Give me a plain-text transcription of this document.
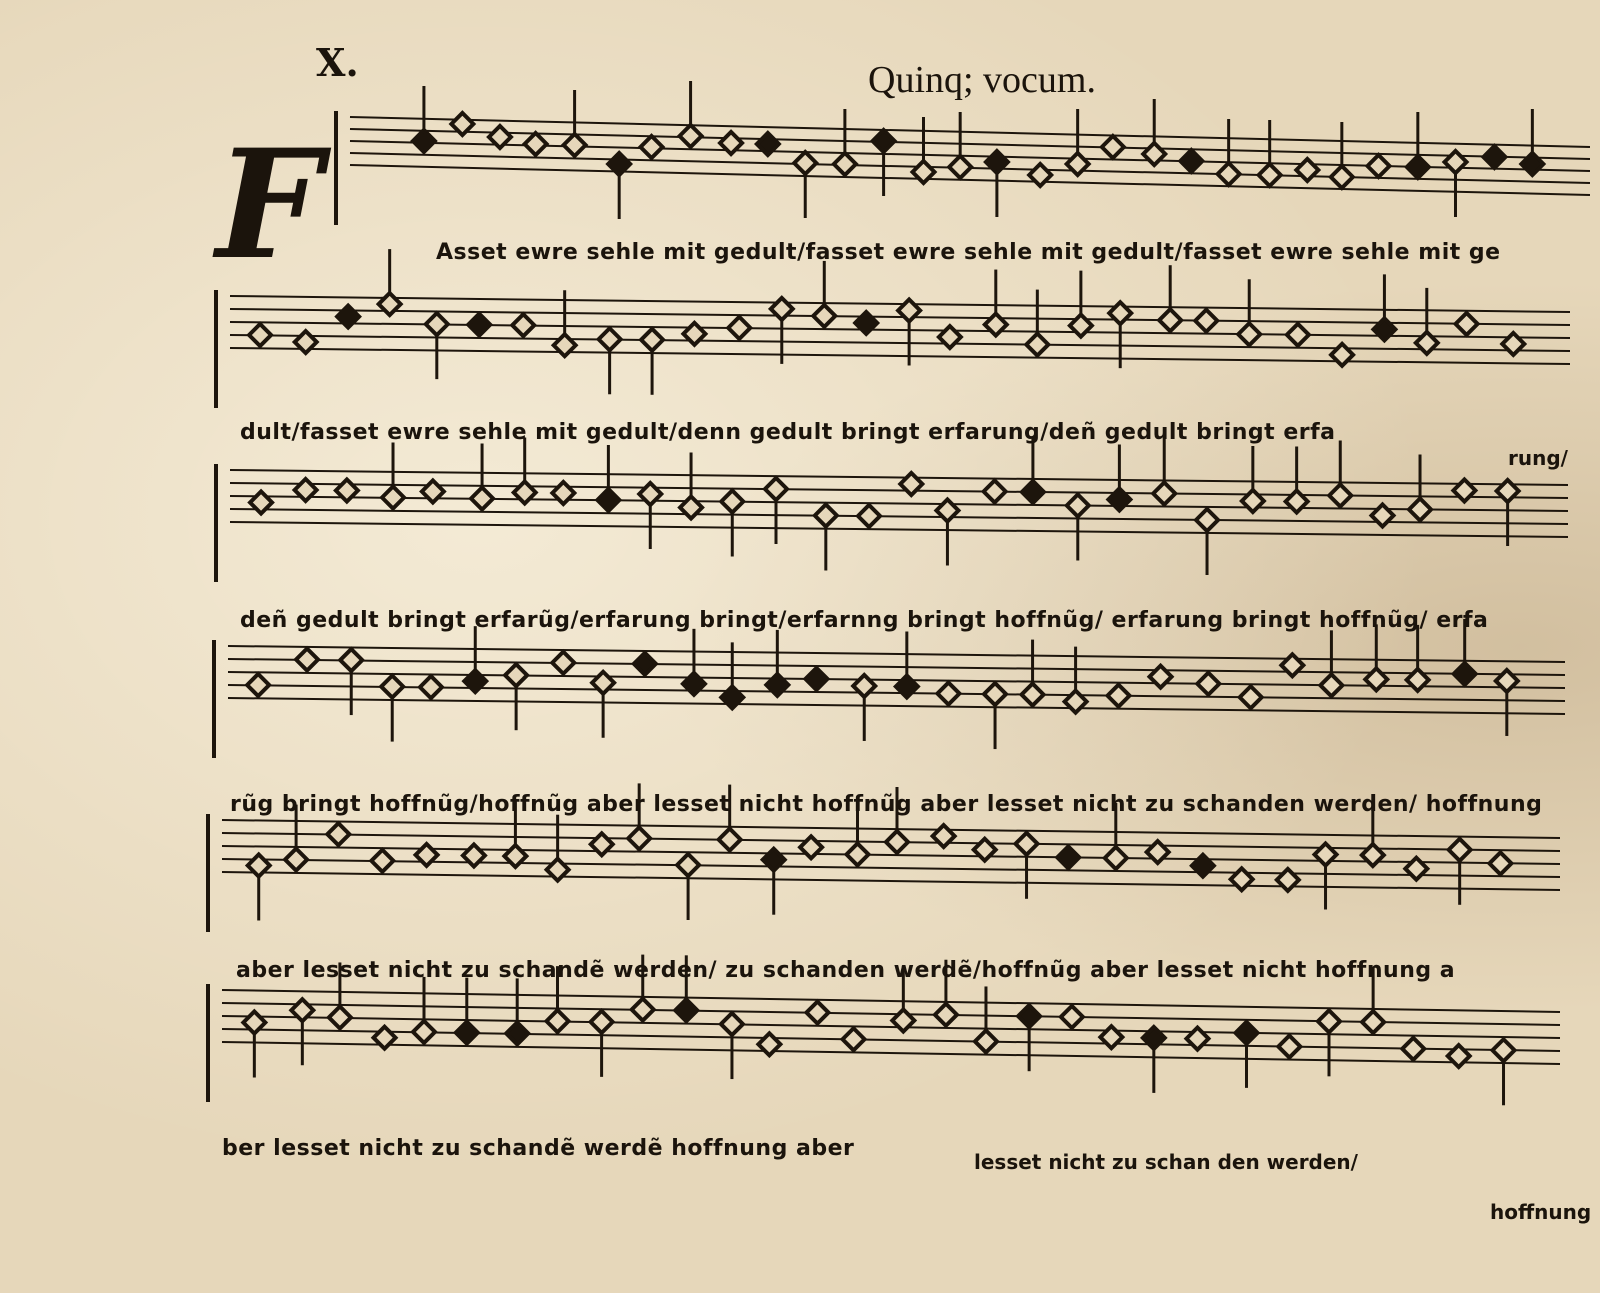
X.	Quinq; vocum.
F	Asset ewre sehle mit gedult/fasset ewre sehle mit gedult/fasset ewre sehle mit ge
dult/fasset ewre sehle mit gedult/denn gedult bringt erfarung/deñ gedult bringt erfa
rung/
deñ gedult bringt erfarũg/erfarung bringt/erfarnng bringt hoffnũg/ erfarung bringt hoffnũg/ erfa
rũg bringt hoffnũg/hoffnũg aber lesset nicht hoffnũg aber lesset nicht zu schanden werden/ hoffnung
aber lesset nicht zu schandẽ werden/ zu schanden werdẽ/hoffnũg aber lesset nicht hoffnung a
ber lesset nicht zu schandẽ werdẽ hoffnung aber
lesset nicht zu schan den werden/
hoffnung
